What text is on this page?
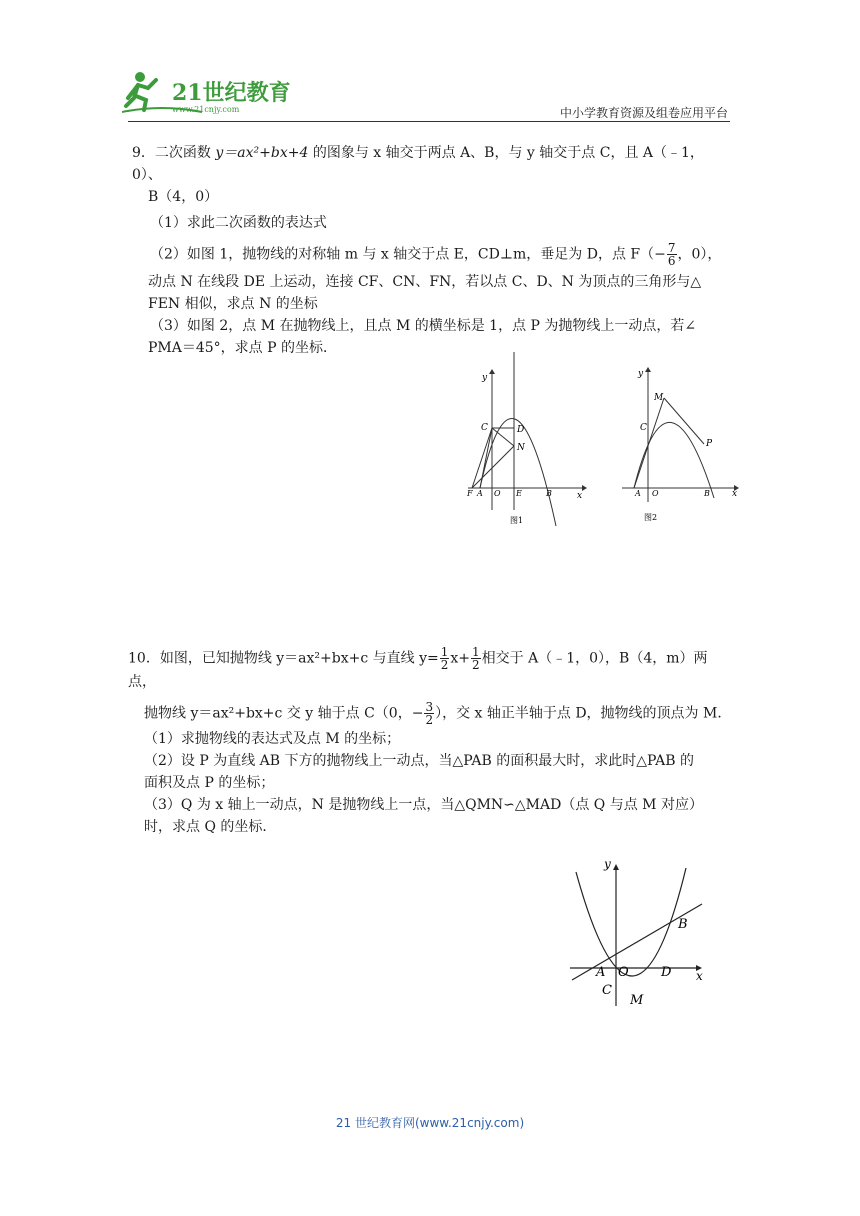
21世纪教育
www.21cnjy.com	中小学教育资源及组卷应用平台

9．二次函数 y＝ax²+bx+4 的图象与 x 轴交于两点 A、B，与 y 轴交于点 C，且 A（﹣1，0）、

B（4，0）

（1）求此二次函数的表达式

（2）如图 1，抛物线的对称轴 m 与 x 轴交于点 E，CD⊥m，垂足为 D，点 $F(- \frac{7}{6}$ ，0），

动点 N 在线段 DE 上运动，连接 CF、CN、FN，若以点 C、D、N 为顶点的三角形与△

FEN 相似，求点 N 的坐标

（3）如图 2，点 M 在抛物线上，且点 M 的横坐标是 1，点 P 为抛物线上一动点，若∠

PMA＝45°，求点 P 的坐标．

y
x
C	D
N
F A O E	B
图1
y
x
M
C
P
A O	B
图2

10．如图，已知抛物线 y＝ax²+bx+c 与直线 $y= \frac{1}{2} x+ \frac{1}{2}$ 相交于 A（﹣1，0），B（4，m）两点，

抛物线 y＝ax²+bx+c 交 y 轴于点 C（0，− $\frac{3}{2}$ ），交 x 轴正半轴于点 D，抛物线的顶点为 M．

（1）求抛物线的表达式及点 M 的坐标；

（2）设 P 为直线 AB 下方的抛物线上一动点，当△PAB 的面积最大时，求此时△PAB 的

面积及点 P 的坐标；

（3）Q 为 x 轴上一动点，N 是抛物线上一点，当△QMN∽△MAD（点 Q 与点 M 对应）

时，求点 Q 的坐标．

y
x
A O D
B
C
M
21 世纪教育网(www.21cnjy.com)
